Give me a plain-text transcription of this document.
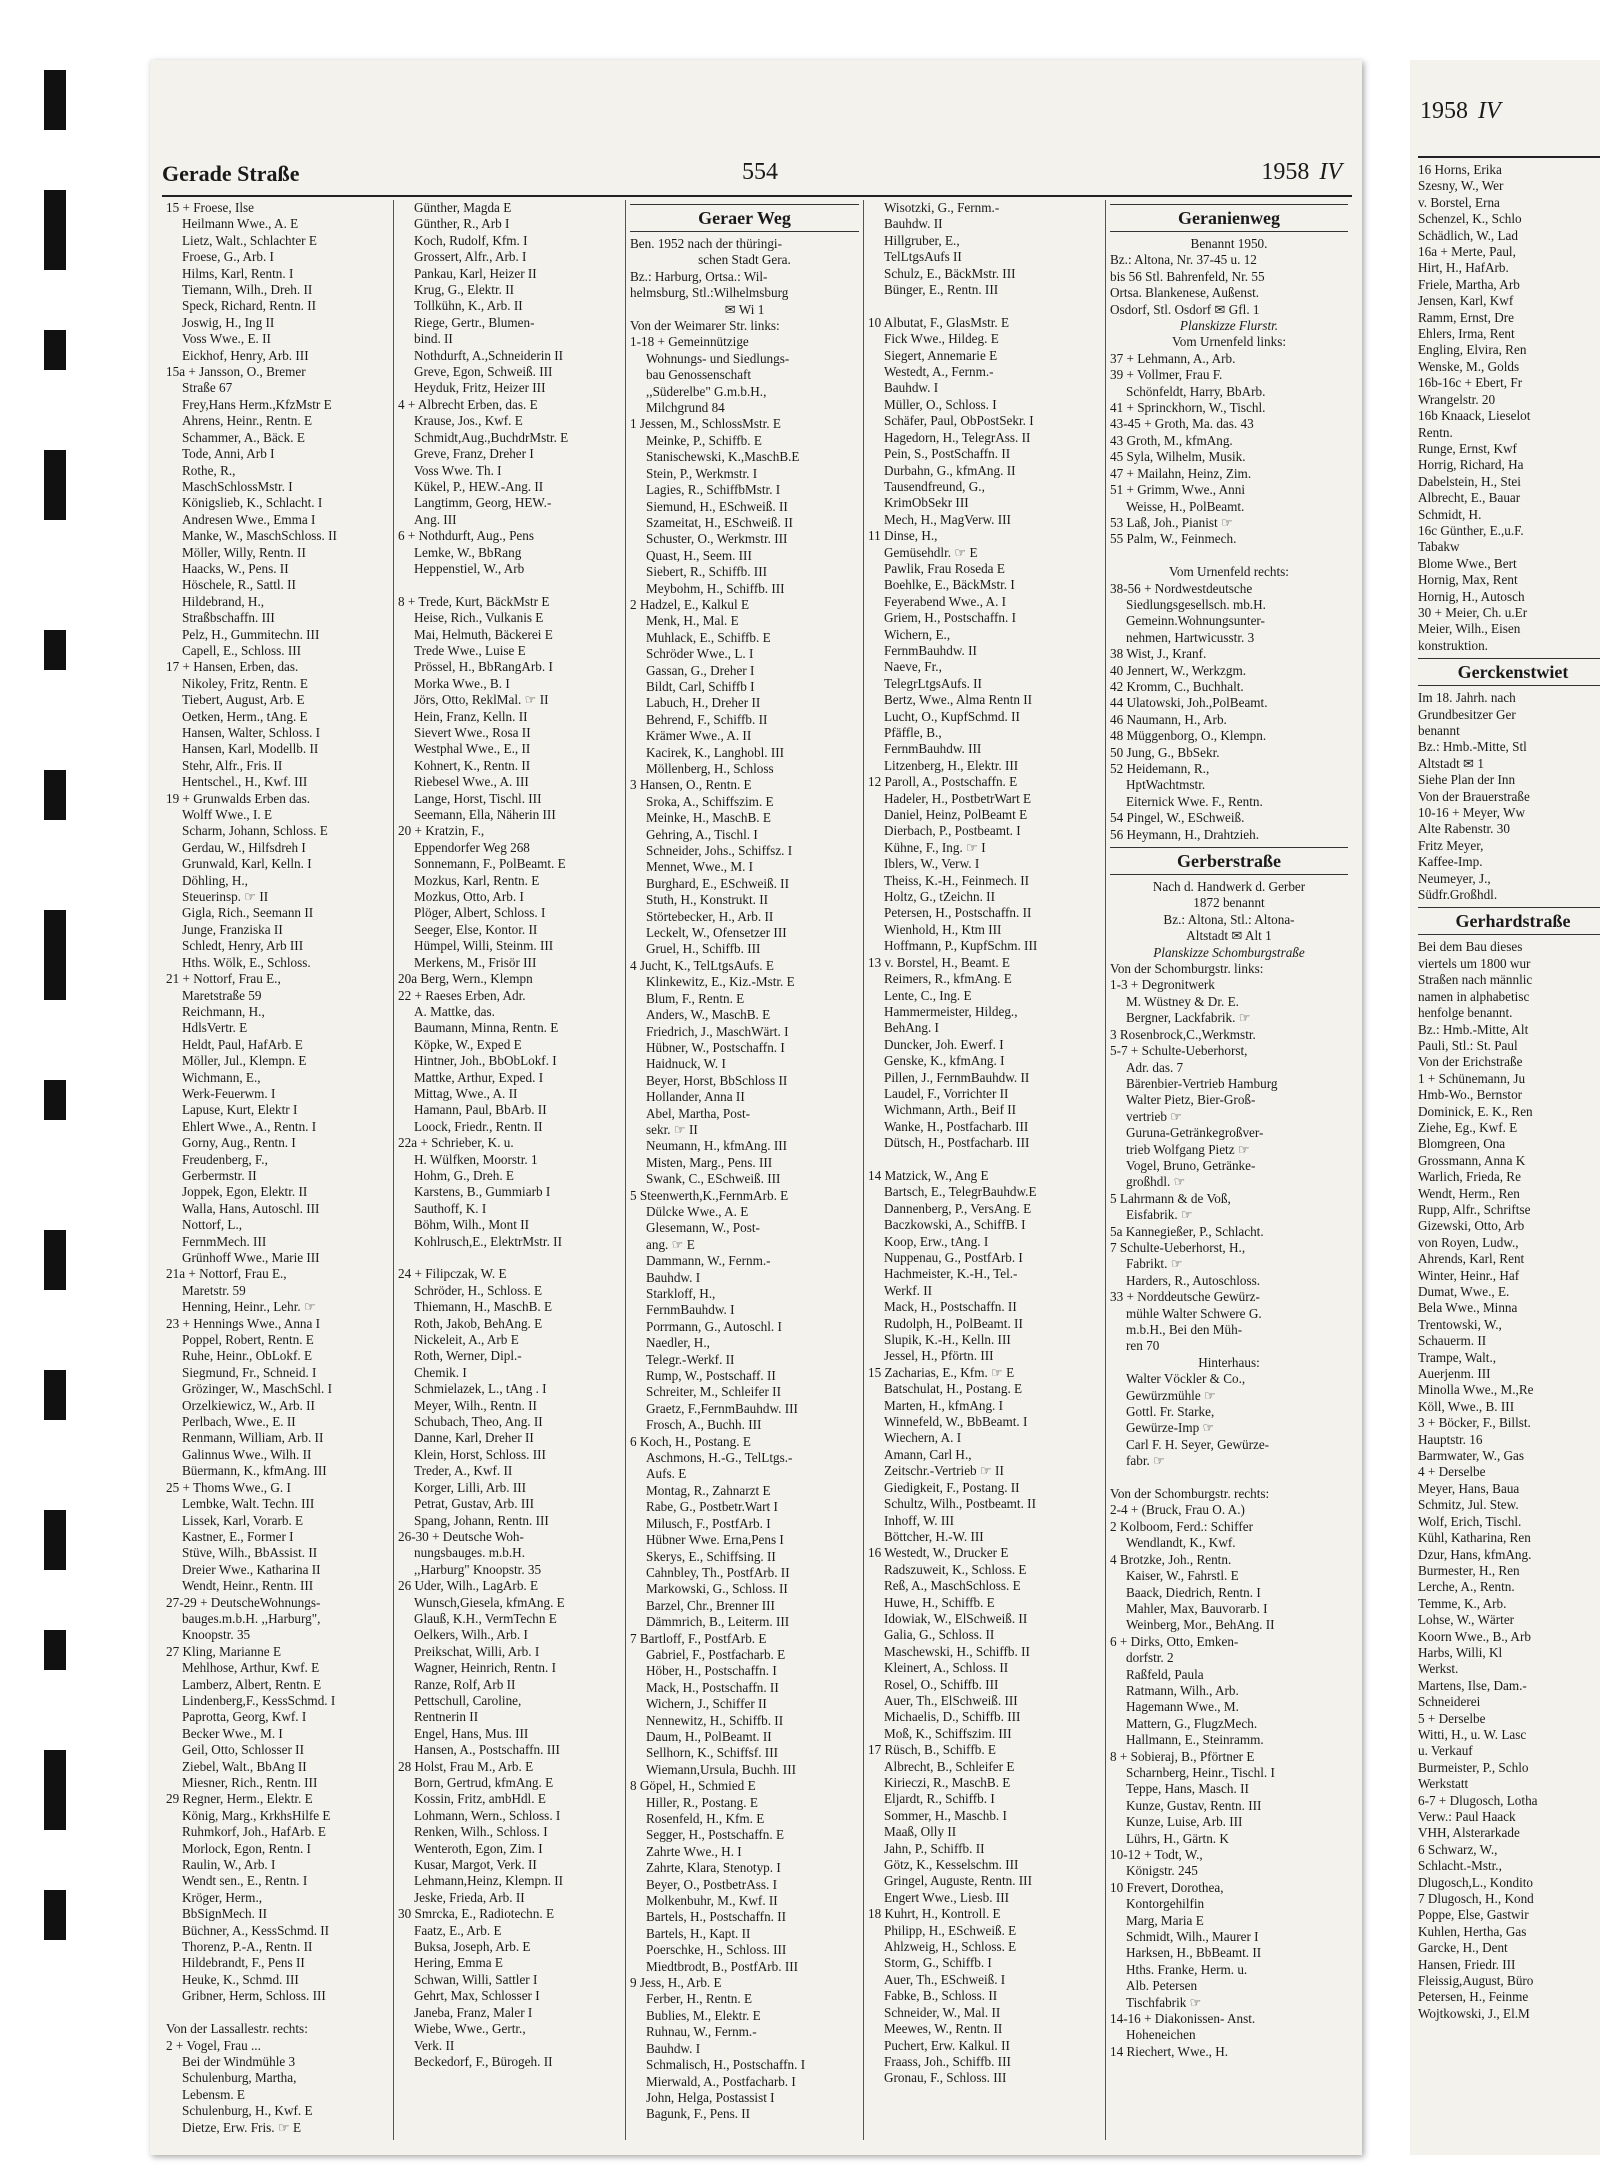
Gerade Straße	554	1958 IV
15 + Froese, Ilse
Heilmann Wwe., A. E
Lietz, Walt., Schlachter E
Froese, G., Arb. I
Hilms, Karl, Rentn. I
Tiemann, Wilh., Dreh. II
Speck, Richard, Rentn. II
Joswig, H., Ing II
Voss Wwe., E. II
Eickhof, Henry, Arb. III
15a + Jansson, O., Bremer
Straße 67
Frey,Hans Herm.,KfzMstr E
Ahrens, Heinr., Rentn. E
Schammer, A., Bäck. E
Tode, Anni, Arb I
Rothe, R.,
MaschSchlossMstr. I
Königslieb, K., Schlacht. I
Andresen Wwe., Emma I
Manke, W., MaschSchloss. II
Möller, Willy, Rentn. II
Haacks, W., Pens. II
Höschele, R., Sattl. II
Hildebrand, H.,
Straßbschaffn. III
Pelz, H., Gummitechn. III
Capell, E., Schloss. III
17 + Hansen, Erben, das.
Nikoley, Fritz, Rentn. E
Tiebert, August, Arb. E
Oetken, Herm., tAng. E
Hansen, Walter, Schloss. I
Hansen, Karl, Modellb. II
Stehr, Alfr., Fris. II
Hentschel., H., Kwf. III
19 + Grunwalds Erben das.
Wolff Wwe., I. E
Scharm, Johann, Schloss. E
Gerdau, W., Hilfsdreh I
Grunwald, Karl, Kelln. I
Döhling, H.,
Steuerinsp. ☞ II
Gigla, Rich., Seemann II
Junge, Franziska II
Schledt, Henry, Arb III
Hths. Wölk, E., Schloss.
21 + Nottorf, Frau E.,
Maretstraße 59
Reichmann, H.,
HdlsVertr. E
Heldt, Paul, HafArb. E
Möller, Jul., Klempn. E
Wichmann, E.,
Werk-Feuerwm. I
Lapuse, Kurt, Elektr I
Ehlert Wwe., A., Rentn. I
Gorny, Aug., Rentn. I
Freudenberg, F.,
Gerbermstr. II
Joppek, Egon, Elektr. II
Walla, Hans, Autoschl. III
Nottorf, L.,
FernmMech. III
Grünhoff Wwe., Marie III
21a + Nottorf, Frau E.,
Maretstr. 59
Henning, Heinr., Lehr. ☞
23 + Hennings Wwe., Anna I
Poppel, Robert, Rentn. E
Ruhe, Heinr., ObLokf. E
Siegmund, Fr., Schneid. I
Grözinger, W., MaschSchl. I
Orzelkiewicz, W., Arb. II
Perlbach, Wwe., E. II
Renmann, William, Arb. II
Galinnus Wwe., Wilh. II
Büermann, K., kfmAng. III
25 + Thoms Wwe., G. I
Lembke, Walt. Techn. III
Lissek, Karl, Vorarb. E
Kastner, E., Former I
Stüve, Wilh., BbAssist. II
Dreier Wwe., Katharina II
Wendt, Heinr., Rentn. III
27-29 + DeutscheWohnungs-
bauges.m.b.H. ,,Harburg",
Knoopstr. 35
27 Kling, Marianne E
Mehlhose, Arthur, Kwf. E
Lamberz, Albert, Rentn. E
Lindenberg,F., KessSchmd. I
Paprotta, Georg, Kwf. I
Becker Wwe., M. I
Geil, Otto, Schlosser II
Ziebel, Walt., BbAng II
Miesner, Rich., Rentn. III
29 Regner, Herm., Elektr. E
König, Marg., KrkhsHilfe E
Ruhmkorf, Joh., HafArb. E
Morlock, Egon, Rentn. I
Raulin, W., Arb. I
Wendt sen., E., Rentn. I
Kröger, Herm.,
BbSignMech. II
Büchner, A., KessSchmd. II
Thorenz, P.-A., Rentn. II
Hildebrandt, F., Pens II
Heuke, K., Schmd. III
Gribner, Herm, Schloss. III

Von der Lassallestr. rechts:
2 + Vogel, Frau ...
Bei der Windmühle 3
Schulenburg, Martha,
Lebensm. E
Schulenburg, H., Kwf. E
Dietze, Erw. Fris. ☞ E
Günther, Magda E
Günther, R., Arb I
Koch, Rudolf, Kfm. I
Grossert, Alfr., Arb. I
Pankau, Karl, Heizer II
Krug, G., Elektr. II
Tollkühn, K., Arb. II
Riege, Gertr., Blumen-
bind. II
Nothdurft, A.,Schneiderin II
Greve, Egon, Schweiß. III
Heyduk, Fritz, Heizer III
4 + Albrecht Erben, das. E
Krause, Jos., Kwf. E
Schmidt,Aug.,BuchdrMstr. E
Greve, Franz, Dreher I
Voss Wwe. Th. I
Kükel, P., HEW.-Ang. II
Langtimm, Georg, HEW.-
Ang. III
6 + Nothdurft, Aug., Pens
Lemke, W., BbRang
Heppenstiel, W., Arb

8 + Trede, Kurt, BäckMstr E
Heise, Rich., Vulkanis E
Mai, Helmuth, Bäckerei E
Trede Wwe., Luise E
Prössel, H., BbRangArb. I
Morka Wwe., B. I
Jörs, Otto, ReklMal. ☞ II
Hein, Franz, Kelln. II
Sievert Wwe., Rosa II
Westphal Wwe., E., II
Kohnert, K., Rentn. II
Riebesel Wwe., A. III
Lange, Horst, Tischl. III
Seemann, Ella, Näherin III
20 + Kratzin, F.,
Eppendorfer Weg 268
Sonnemann, F., PolBeamt. E
Mozkus, Karl, Rentn. E
Mozkus, Otto, Arb. I
Plöger, Albert, Schloss. I
Seeger, Else, Kontor. II
Hümpel, Willi, Steinm. III
Merkens, M., Frisör III
20a Berg, Wern., Klempn
22 + Raeses Erben, Adr.
A. Mattke, das.
Baumann, Minna, Rentn. E
Köpke, W., Exped E
Hintner, Joh., BbObLokf. I
Mattke, Arthur, Exped. I
Mittag, Wwe., A. II
Hamann, Paul, BbArb. II
Loock, Friedr., Rentn. II
22a + Schrieber, K. u.
H. Wülfken, Moorstr. 1
Hohm, G., Dreh. E
Karstens, B., Gummiarb I
Sauthoff, K. I
Böhm, Wilh., Mont II
Kohlrusch,E., ElektrMstr. II

24 + Filipczak, W. E
Schröder, H., Schloss. E
Thiemann, H., MaschB. E
Roth, Jakob, BehAng. E
Nickeleit, A., Arb E
Roth, Werner, Dipl.-
Chemik. I
Schmielazek, L., tAng . I
Meyer, Wilh., Rentn. II
Schubach, Theo, Ang. II
Danne, Karl, Dreher II
Klein, Horst, Schloss. III
Treder, A., Kwf. II
Korger, Lilli, Arb. III
Petrat, Gustav, Arb. III
Spang, Johann, Rentn. III
26-30 + Deutsche Woh-
nungsbauges. m.b.H.
,,Harburg" Knoopstr. 35
26 Uder, Wilh., LagArb. E
Wunsch,Giesela, kfmAng. E
Glauß, K.H., VermTechn E
Oelkers, Wilh., Arb. I
Preikschat, Willi, Arb. I
Wagner, Heinrich, Rentn. I
Ranze, Rolf, Arb II
Pettschull, Caroline,
Rentnerin II
Engel, Hans, Mus. III
Hansen, A., Postschaffn. III
28 Holst, Frau M., Arb. E
Born, Gertrud, kfmAng. E
Kossin, Fritz, ambHdl. E
Lohmann, Wern., Schloss. I
Renken, Wilh., Schloss. I
Wenteroth, Egon, Zim. I
Kusar, Margot, Verk. II
Lehmann,Heinz, Klempn. II
Jeske, Frieda, Arb. II
30 Smrcka, E., Radiotechn. E
Faatz, E., Arb. E
Buksa, Joseph, Arb. E
Hering, Emma E
Schwan, Willi, Sattler I
Gehrt, Max, Schlosser I
Janeba, Franz, Maler I
Wiebe, Wwe., Gertr.,
Verk. II
Beckedorf, F., Bürogeh. II
Geraer Weg
Ben. 1952 nach der thüringi-
schen Stadt Gera.
Bz.: Harburg, Ortsa.: Wil-
helmsburg, Stl.:Wilhelmsburg
✉ Wi 1
Von der Weimarer Str. links:
1-18 + Gemeinnützige
Wohnungs- und Siedlungs-
bau Genossenschaft
,,Süderelbe" G.m.b.H.,
Milchgrund 84
1 Jessen, M., SchlossMstr. E
Meinke, P., Schiffb. E
Stanischewski, K.,MaschB.E
Stein, P., Werkmstr. I
Lagies, R., SchiffbMstr. I
Siemund, H., ESchweiß. II
Szameitat, H., ESchweiß. II
Schuster, O., Werkmstr. III
Quast, H., Seem. III
Siebert, R., Schiffb. III
Meybohm, H., Schiffb. III
2 Hadzel, E., Kalkul E
Menk, H., Mal. E
Muhlack, E., Schiffb. E
Schröder Wwe., L. I
Gassan, G., Dreher I
Bildt, Carl, Schiffb I
Labuch, H., Dreher II
Behrend, F., Schiffb. II
Krämer Wwe., A. II
Kacirek, K., Langhobl. III
Möllenberg, H., Schloss
3 Hansen, O., Rentn. E
Sroka, A., Schiffszim. E
Meinke, H., MaschB. E
Gehring, A., Tischl. I
Schneider, Johs., Schiffsz. I
Mennet, Wwe., M. I
Burghard, E., ESchweiß. II
Stuth, H., Konstrukt. II
Störtebecker, H., Arb. II
Leckelt, W., Ofensetzer III
Gruel, H., Schiffb. III
4 Jucht, K., TelLtgsAufs. E
Klinkewitz, E., Kiz.-Mstr. E
Blum, F., Rentn. E
Anders, W., MaschB. E
Friedrich, J., MaschWärt. I
Hübner, W., Postschaffn. I
Haidnuck, W. I
Beyer, Horst, BbSchloss II
Hollander, Anna II
Abel, Martha, Post-
sekr. ☞ II
Neumann, H., kfmAng. III
Misten, Marg., Pens. III
Swank, C., ESchweiß. III
5 Steenwerth,K.,FernmArb. E
Dülcke Wwe., A. E
Glesemann, W., Post-
ang. ☞ E
Dammann, W., Fernm.-
Bauhdw. I
Starkloff, H.,
FernmBauhdw. I
Porrmann, G., Autoschl. I
Naedler, H.,
Telegr.-Werkf. II
Rump, W., Postschaff. II
Schreiter, M., Schleifer II
Graetz, F.,FernmBauhdw. III
Frosch, A., Buchh. III
6 Koch, H., Postang. E
Aschmons, H.-G., TelLtgs.-
Aufs. E
Montag, R., Zahnarzt E
Rabe, G., Postbetr.Wart I
Milusch, F., PostfArb. I
Hübner Wwe. Erna,Pens I
Skerys, E., Schiffsing. II
Cahnbley, Th., PostfArb. II
Markowski, G., Schloss. II
Barzel, Chr., Brenner III
Dämmrich, B., Leiterm. III
7 Bartloff, F., PostfArb. E
Gabriel, F., Postfacharb. E
Höber, H., Postschaffn. I
Mack, H., Postschaffn. II
Wichern, J., Schiffer II
Nennewitz, H., Schiffb. II
Daum, H., PolBeamt. II
Sellhorn, K., Schiffsf. III
Wiemann,Ursula, Buchh. III
8 Göpel, H., Schmied E
Hiller, R., Postang. E
Rosenfeld, H., Kfm. E
Segger, H., Postschaffn. E
Zahrte Wwe., H. I
Zahrte, Klara, Stenotyp. I
Beyer, O., PostbetrAss. I
Molkenbuhr, M., Kwf. II
Bartels, H., Postschaffn. II
Bartels, H., Kapt. II
Poerschke, H., Schloss. III
Miedtbrodt, B., PostfArb. III
9 Jess, H., Arb. E
Ferber, H., Rentn. E
Bublies, M., Elektr. E
Ruhnau, W., Fernm.-
Bauhdw. I
Schmalisch, H., Postschaffn. I
Mierwald, A., Postfacharb. I
John, Helga, Postassist I
Bagunk, F., Pens. II
Wisotzki, G., Fernm.-
Bauhdw. II
Hillgruber, E.,
TelLtgsAufs II
Schulz, E., BäckMstr. III
Bünger, E., Rentn. III

10 Albutat, F., GlasMstr. E
Fick Wwe., Hildeg. E
Siegert, Annemarie E
Westedt, A., Fernm.-
Bauhdw. I
Müller, O., Schloss. I
Schäfer, Paul, ObPostSekr. I
Hagedorn, H., TelegrAss. II
Pein, S., PostSchaffn. II
Durbahn, G., kfmAng. II
Tausendfreund, G.,
KrimObSekr III
Mech, H., MagVerw. III
11 Dinse, H.,
Gemüsehdlr. ☞ E
Pawlik, Frau Roseda E
Boehlke, E., BäckMstr. I
Feyerabend Wwe., A. I
Griem, H., Postschaffn. I
Wichern, E.,
FernmBauhdw. II
Naeve, Fr.,
TelegrLtgsAufs. II
Bertz, Wwe., Alma Rentn II
Lucht, O., KupfSchmd. II
Pfäffle, B.,
FernmBauhdw. III
Litzenberg, H., Elektr. III
12 Paroll, A., Postschaffn. E
Hadeler, H., PostbetrWart E
Daniel, Heinz, PolBeamt E
Dierbach, P., Postbeamt. I
Kühne, F., Ing. ☞ I
Iblers, W., Verw. I
Theiss, K.-H., Feinmech. II
Holtz, G., tZeichn. II
Petersen, H., Postschaffn. II
Wienhold, H., Ktm III
Hoffmann, P., KupfSchm. III
13 v. Borstel, H., Beamt. E
Reimers, R., kfmAng. E
Lente, C., Ing. E
Hammermeister, Hildeg.,
BehAng. I
Duncker, Joh. Ewerf. I
Genske, K., kfmAng. I
Pillen, J., FernmBauhdw. II
Laudel, F., Vorrichter II
Wichmann, Arth., Beif II
Wanke, H., Postfacharb. III
Dütsch, H., Postfacharb. III

14 Matzick, W., Ang E
Bartsch, E., TelegrBauhdw.E
Dannenberg, P., VersAng. E
Baczkowski, A., SchiffB. I
Koop, Erw., tAng. I
Nuppenau, G., PostfArb. I
Hachmeister, K.-H., Tel.-
Werkf. II
Mack, H., Postschaffn. II
Rudolph, H., PolBeamt. II
Slupik, K.-H., Kelln. III
Jessel, H., Pförtn. III
15 Zacharias, E., Kfm. ☞ E
Batschulat, H., Postang. E
Marten, H., kfmAng. I
Winnefeld, W., BbBeamt. I
Wiechern, A. I
Amann, Carl H.,
Zeitschr.-Vertrieb ☞ II
Giedigkeit, F., Postang. II
Schultz, Wilh., Postbeamt. II
Inhoff, W. III
Böttcher, H.-W. III
16 Westedt, W., Drucker E
Radszuweit, K., Schloss. E
Reß, A., MaschSchloss. E
Huwe, H., Schiffb. E
Idowiak, W., ElSchweiß. II
Galia, G., Schloss. II
Maschewski, H., Schiffb. II
Kleinert, A., Schloss. II
Rosel, O., Schiffb. III
Auer, Th., ElSchweiß. III
Michaelis, D., Schiffb. III
Moß, K., Schiffszim. III
17 Rüsch, B., Schiffb. E
Albrecht, B., Schleifer E
Kirieczi, R., MaschB. E
Eljardt, R., Schiffb. I
Sommer, H., Maschb. I
Maaß, Olly II
Jahn, P., Schiffb. II
Götz, K., Kesselschm. III
Gringel, Auguste, Rentn. III
Engert Wwe., Liesb. III
18 Kuhrt, H., Kontroll. E
Philipp, H., ESchweiß. E
Ahlzweig, H., Schloss. E
Storm, G., Schiffb. I
Auer, Th., ESchweiß. I
Fabke, B., Schloss. II
Schneider, W., Mal. II
Meewes, W., Rentn. II
Puchert, Erw. Kalkul. II
Fraass, Joh., Schiffb. III
Gronau, F., Schloss. III
Geranienweg
Benannt 1950.
Bz.: Altona, Nr. 37-45 u. 12
bis 56 Stl. Bahrenfeld, Nr. 55
Ortsa. Blankenese, Außenst.
Osdorf, Stl. Osdorf ✉ Gfl. 1
Planskizze Flurstr.
Vom Urnenfeld links:
37 + Lehmann, A., Arb.
39 + Vollmer, Frau F.
Schönfeldt, Harry, BbArb.
41 + Sprinckhorn, W., Tischl.
43-45 + Groth, Ma. das. 43
43 Groth, M., kfmAng.
45 Syla, Wilhelm, Musik.
47 + Mailahn, Heinz, Zim.
51 + Grimm, Wwe., Anni
Weisse, H., PolBeamt.
53 Laß, Joh., Pianist ☞
55 Palm, W., Feinmech.

Vom Urnenfeld rechts:
38-56 + Nordwestdeutsche
Siedlungsgesellsch. mb.H.
Gemeinn.Wohnungsunter-
nehmen, Hartwicusstr. 3
38 Wist, J., Kranf.
40 Jennert, W., Werkzgm.
42 Kromm, C., Buchhalt.
44 Ulatowski, Joh.,PolBeamt.
46 Naumann, H., Arb.
48 Müggenborg, O., Klempn.
50 Jung, G., BbSekr.
52 Heidemann, R.,
HptWachtmstr.
Eiternick Wwe. F., Rentn.
54 Pingel, W., ESchweiß.
56 Heymann, H., Drahtzieh.
Gerberstraße
Nach d. Handwerk d. Gerber
1872 benannt
Bz.: Altona, Stl.: Altona-
Altstadt ✉ Alt 1
Planskizze Schomburgstraße
Von der Schomburgstr. links:
1-3 + Degronitwerk
M. Wüstney & Dr. E.
Bergner, Lackfabrik. ☞
3 Rosenbrock,C.,Werkmstr.
5-7 + Schulte-Ueberhorst,
Adr. das. 7
Bärenbier-Vertrieb Hamburg
Walter Pietz, Bier-Groß-
vertrieb ☞
Guruna-Getränkegroßver-
trieb Wolfgang Pietz ☞
Vogel, Bruno, Getränke-
großhdl. ☞
5 Lahrmann & de Voß,
Eisfabrik. ☞
5a Kannegießer, P., Schlacht.
7 Schulte-Ueberhorst, H.,
Fabrikt. ☞
Harders, R., Autoschloss.
33 + Norddeutsche Gewürz-
mühle Walter Schwere G.
m.b.H., Bei den Müh-
ren 70
Hinterhaus:
Walter Vöckler & Co.,
Gewürzmühle ☞
Gottl. Fr. Starke,
Gewürze-Imp ☞
Carl F. H. Seyer, Gewürze-
fabr. ☞

Von der Schomburgstr. rechts:
2-4 + (Bruck, Frau O. A.)
2 Kolboom, Ferd.: Schiffer
Wendlandt, K., Kwf.
4 Brotzke, Joh., Rentn.
Kaiser, W., Fahrstl. E
Baack, Diedrich, Rentn. I
Mahler, Max, Bauvorarb. I
Weinberg, Mor., BehAng. II
6 + Dirks, Otto, Emken-
dorfstr. 2
Raßfeld, Paula
Ratmann, Wilh., Arb.
Hagemann Wwe., M.
Mattern, G., FlugzMech.
Hallmann, E., Steinramm.
8 + Sobieraj, B., Pförtner E
Scharnberg, Heinr., Tischl. I
Teppe, Hans, Masch. II
Kunze, Gustav, Rentn. III
Kunze, Luise, Arb. III
Lührs, H., Gärtn. K
10-12 + Todt, W.,
Königstr. 245
10 Frevert, Dorothea,
Kontorgehilfin
Marg, Maria E
Schmidt, Wilh., Maurer I
Harksen, H., BbBeamt. II
Hths. Franke, Herm. u.
Alb. Petersen
Tischfabrik ☞
14-16 + Diakonissen- Anst.
Hoheneichen
14 Riechert, Wwe., H.
1958 IV
16 Horns, Erika
Szesny, W., Wer
v. Borstel, Erna
Schenzel, K., Schlo
Schädlich, W., Lad
16a + Merte, Paul,
Hirt, H., HafArb.
Friele, Martha, Arb
Jensen, Karl, Kwf
Ramm, Ernst, Dre
Ehlers, Irma, Rent
Engling, Elvira, Ren
Wenske, M., Golds
16b-16c + Ebert, Fr
Wrangelstr. 20
16b Knaack, Lieselot
Rentn.
Runge, Ernst, Kwf
Horrig, Richard, Ha
Dabelstein, H., Stei
Albrecht, E., Bauar
Schmidt, H.
16c Günther, E.,u.F.
Tabakw
Blome Wwe., Bert
Hornig, Max, Rent
Hornig, H., Autosch
30 + Meier, Ch. u.Er
Meier, Wilh., Eisen
konstruktion.
Gerckenstwiet
Im 18. Jahrh. nach
Grundbesitzer Ger
benannt
Bz.: Hmb.-Mitte, Stl
Altstadt ✉ 1
Siehe Plan der Inn
Von der Brauerstraße
10-16 + Meyer, Ww
Alte Rabenstr. 30
Fritz Meyer,
Kaffee-Imp.
Neumeyer, J.,
Südfr.Großhdl.
Gerhardstraße
Bei dem Bau dieses
viertels um 1800 wur
Straßen nach männlic
namen in alphabetisc
henfolge benannt.
Bz.: Hmb.-Mitte, Alt
Pauli, Stl.: St. Paul
Von der Erichstraße
1 + Schünemann, Ju
Hmb-Wo., Bernstor
Dominick, E. K., Ren
Ziehe, Eg., Kwf. E
Blomgreen, Ona
Grossmann, Anna K
Warlich, Frieda, Re
Wendt, Herm., Ren
Rupp, Alfr., Schriftse
Gizewski, Otto, Arb
von Royen, Ludw.,
Ahrends, Karl, Rent
Winter, Heinr., Haf
Dumat, Wwe., E.
Bela Wwe., Minna
Trentowski, W.,
Schauerm. II
Trampe, Walt.,
Auerjenm. III
Minolla Wwe., M.,Re
Köll, Wwe., B. III
3 + Böcker, F., Billst.
Hauptstr. 16
Barmwater, W., Gas
4 + Derselbe
Meyer, Hans, Baua
Schmitz, Jul. Stew.
Wolf, Erich, Tischl.
Kühl, Katharina, Ren
Dzur, Hans, kfmAng.
Burmester, H., Ren
Lerche, A., Rentn.
Temme, K., Arb.
Lohse, W., Wärter
Koorn Wwe., B., Arb
Harbs, Willi, Kl
Werkst.
Martens, Ilse, Dam.-
Schneiderei
5 + Derselbe
Witti, H., u. W. Lasc
u. Verkauf
Burmeister, P., Schlo
Werkstatt
6-7 + Dlugosch, Lotha
Verw.: Paul Haack
VHH, Alsterarkade
6 Schwarz, W.,
Schlacht.-Mstr.,
Dlugosch,L., Kondito
7 Dlugosch, H., Kond
Poppe, Else, Gastwir
Kuhlen, Hertha, Gas
Garcke, H., Dent
Hansen, Friedr. III
Fleissig,August, Büro
Petersen, H., Feinme
Wojtkowski, J., El.M
